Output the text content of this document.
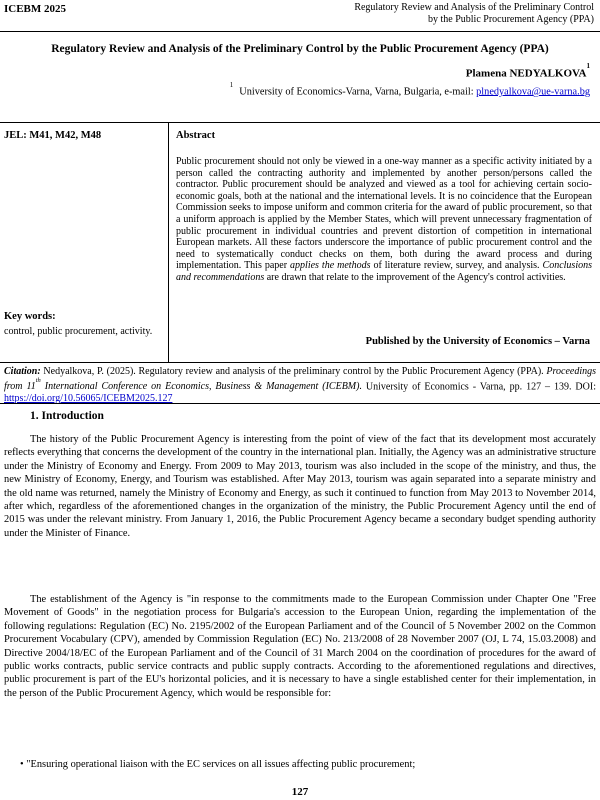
ICEBM 2025	Regulatory Review and Analysis of the Preliminary Control
by the Public Procurement Agency (PPA)
Regulatory Review and Analysis of the Preliminary Control by the Public Procurement Agency (PPA)
Plamena NEDYALKOVA$^1$
$^1$University of Economics-Varna, Varna, Bulgaria, e-mail: plnedyalkova@ue-varna.bg
JEL: M41, M42, M48	Abstract
Public procurement should not only be viewed in a one-way manner as a specific activity initiated by a person called the contracting authority and implemented by another person/persons called the contractor. Public procurement should be analyzed and viewed as a tool for achieving certain socio-economic goals, both at the national and the international levels. It is no coincidence that the European Commission seeks to impose uniform and common criteria for the award of public procurement, so that a uniform approach is applied by the Member States, which will prevent unnecessary fragmentation of public procurement in individual countries and prevent distortion of competition in international European markets. All these factors underscore the importance of public procurement control and the need to systematically conduct checks on them, both during the award process and during implementation. This paper applies the methods of literature review, survey, and analysis. Conclusions and recommendations are drawn that relate to the improvement of the Agency's control activities.
Key words:
control, public procurement, activity.
Published by the University of Economics – Varna
Citation: Nedyalkova, P. (2025). Regulatory review and analysis of the preliminary control by the Public Procurement Agency (PPA). Proceedings from 11th International Conference on Economics, Business & Management (ICEBM). University of Economics - Varna, pp. 127 – 139. DOI: https://doi.org/10.56065/ICEBM2025.127
1. Introduction
The history of the Public Procurement Agency is interesting from the point of view of the fact that its development most accurately reflects everything that concerns the development of the country in the international plan. Initially, the Agency was an administrative structure under the Ministry of Economy and Energy. From 2009 to May 2013, tourism was also included in the scope of the ministry, and thus, the new Ministry of Economy, Energy, and Tourism was established. After May 2013, tourism was again separated into a separate ministry and the old name was returned, namely the Ministry of Economy and Energy, as such it continued to function from May 2013 to November 2014, after which, regardless of the aforementioned changes in the organization of the ministry, the Public Procurement Agency until the end of 2015 was under the relevant ministry. From January 1, 2016, the Public Procurement Agency became a secondary budget spending authority under the Minister of Finance.
The establishment of the Agency is "in response to the commitments made to the European Commission under Chapter One "Free Movement of Goods" in the negotiation process for Bulgaria's accession to the European Union, regarding the implementation of the following regulations: Regulation (EC) No. 2195/2002 of the European Parliament and of the Council of 5 November 2002 on the Common Procurement Vocabulary (CPV), amended by Commission Regulation (EC) No. 213/2008 of 28 November 2007 (OJ, L 74, 15.03.2008) and Directive 2004/18/EC of the European Parliament and of the Council of 31 March 2004 on the coordination of procedures for the award of public works contracts, public service contracts and public supply contracts. According to the aforementioned regulations and directives, public procurement is part of the EU's horizontal policies, and it is necessary to have a single established center for their implementation, in the person of the Public Procurement Agency, which would be responsible for:
• "Ensuring operational liaison with the EC services on all issues affecting public procurement;
127
